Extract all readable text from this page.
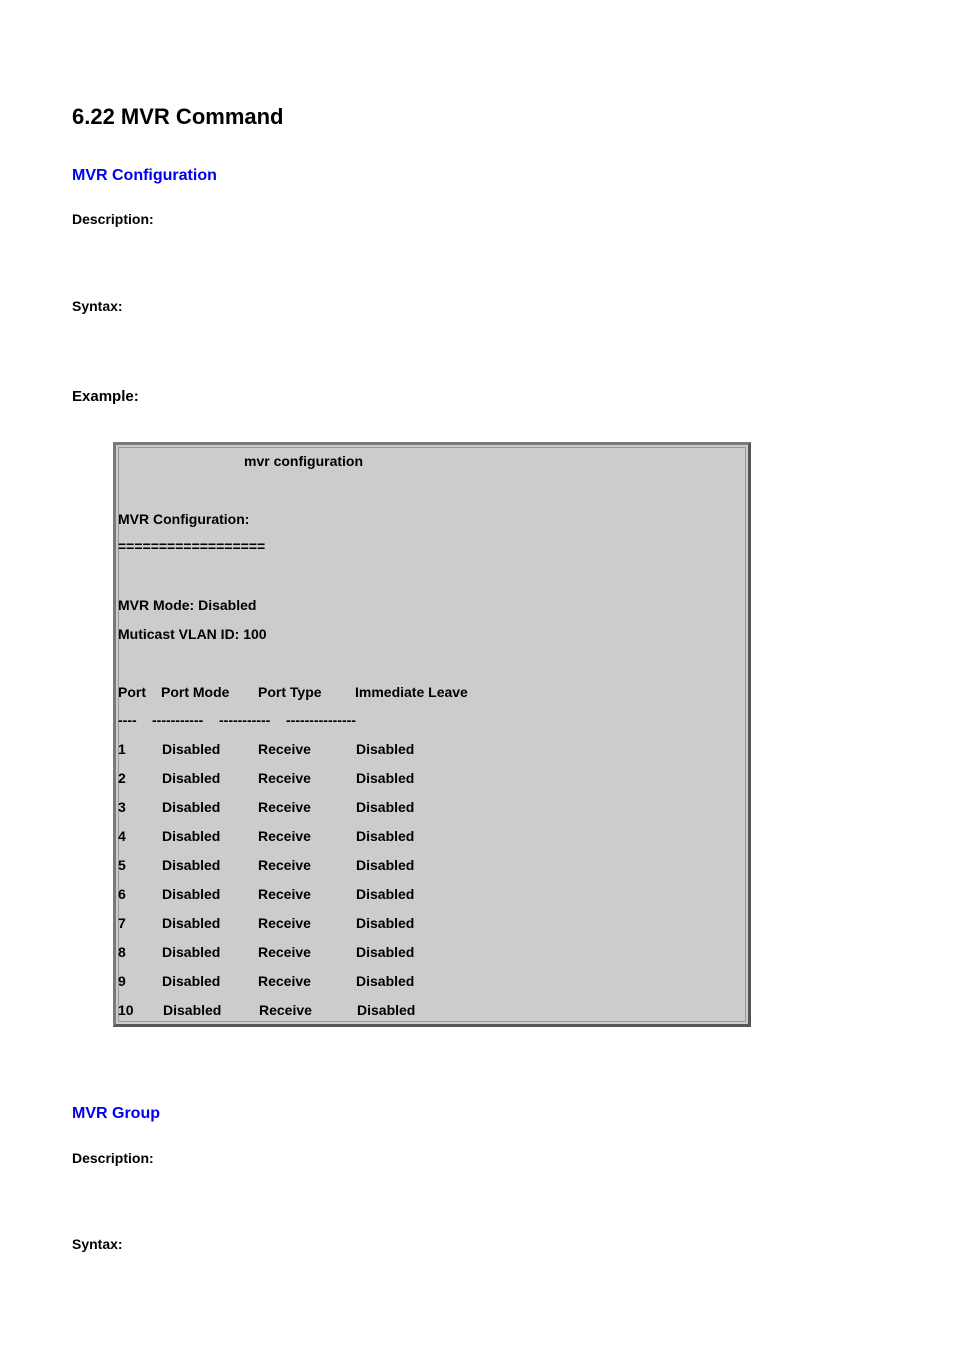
6.22 MVR Command
MVR Configuration
Description:
Syntax:
Example:
mvr configuration
MVR Configuration:
==================
MVR Mode: Disabled
Muticast VLAN ID: 100
Port Port Mode Port Type Immediate Leave
---- ----------- ----------- ---------------
1	Disabled	Receive	Disabled
2	Disabled	Receive	Disabled
3	Disabled	Receive	Disabled
4	Disabled	Receive	Disabled
5	Disabled	Receive	Disabled
6	Disabled	Receive	Disabled
7	Disabled	Receive	Disabled
8	Disabled	Receive	Disabled
9	Disabled	Receive	Disabled
10 Disabled	Receive	Disabled
MVR Group
Description:
Syntax:
